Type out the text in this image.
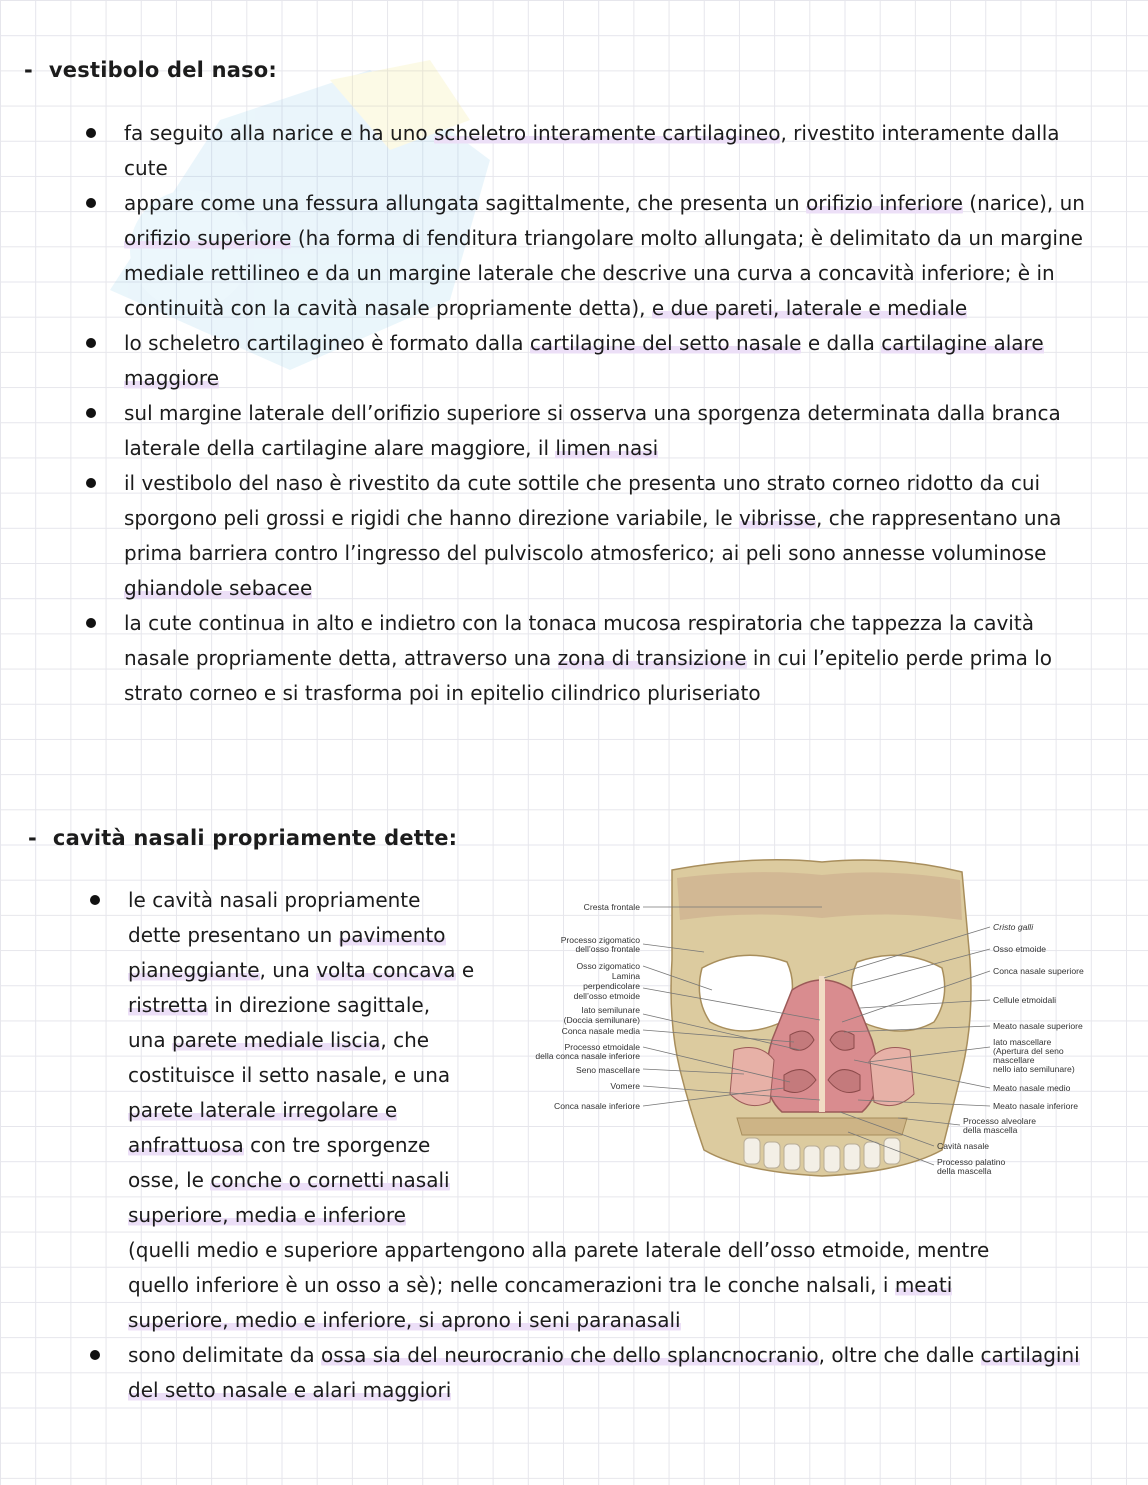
- vestibolo del naso:
fa seguito alla narice e ha uno scheletro interamente cartilagineo, rivestito interamente dalla cute
appare come una fessura allungata sagittalmente, che presenta un orifizio inferiore (narice), un orifizio superiore (ha forma di fenditura triangolare molto allungata; è delimitato da un margine mediale rettilineo e da un margine laterale che descrive una curva a concavità inferiore; è in continuità con la cavità nasale propriamente detta), e due pareti, laterale e mediale
lo scheletro cartilagineo è formato dalla cartilagine del setto nasale e dalla cartilagine alare maggiore
sul margine laterale dell’orifizio superiore si osserva una sporgenza determinata dalla branca laterale della cartilagine alare maggiore, il limen nasi
il vestibolo del naso è rivestito da cute sottile che presenta uno strato corneo ridotto da cui sporgono peli grossi e rigidi che hanno direzione variabile, le vibrisse, che rappresentano una prima barriera contro l’ingresso del pulviscolo atmosferico; ai peli sono annesse voluminose ghiandole sebacee
la cute continua in alto e indietro con la tonaca mucosa respiratoria che tappezza la cavità nasale propriamente detta, attraverso una zona di transizione in cui l’epitelio perde prima lo strato corneo e si trasforma poi in epitelio cilindrico pluriseriato
- cavità nasali propriamente dette:
le cavità nasali propriamente
dette presentano un pavimento
pianeggiante, una volta concava e
ristretta in direzione sagittale,
una parete mediale liscia, che
costituisce il setto nasale, e una
parete laterale irregolare e
anfrattuosa con tre sporgenze
osse, le conche o cornetti nasali
superiore, media e inferiore
(quelli medio e superiore appartengono alla parete laterale dell’osso etmoide, mentre
quello inferiore è un osso a sè); nelle concamerazioni tra le conche nalsali, i meati
superiore, medio e inferiore, si aprono i seni paranasali
sono delimitate da ossa sia del neurocranio che dello splancnocranio, oltre che dalle cartilagini del setto nasale e alari maggiori
Cresta frontale
Processo zigomatico
dell’osso frontale
Osso zigomatico
Lamina
perpendicolare
dell’osso etmoide
Iato semilunare
(Doccia semilunare)
Conca nasale media
Processo etmoidale
della conca nasale inferiore
Seno mascellare
Vomere
Conca nasale inferiore
Cristo galli
Osso etmoide
Conca nasale superiore
Cellule etmoidali
Meato nasale superiore
Iato mascellare
(Apertura del seno
mascellare
nello iato semilunare)
Meato nasale medio
Meato nasale inferiore
Processo alveolare
della mascella
Cavità nasale
Processo palatino
della mascella
